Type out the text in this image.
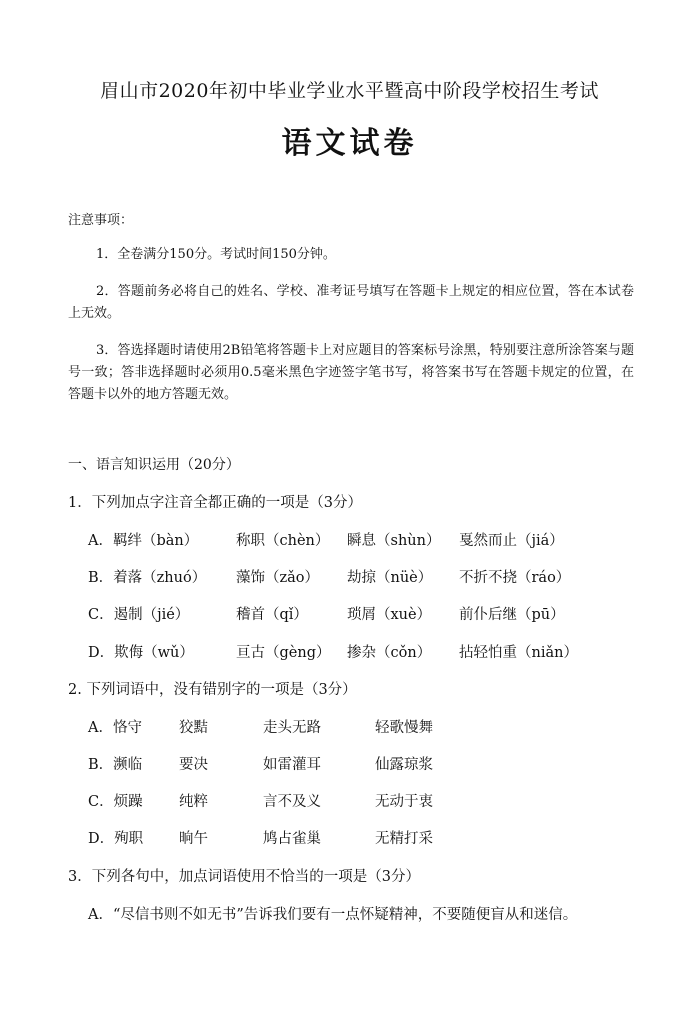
眉山市2020年初中毕业学业水平暨高中阶段学校招生考试
语文试卷
注意事项：
1．全卷满分150分。考试时间150分钟。
2．答题前务必将自己的姓名、学校、准考证号填写在答题卡上规定的相应位置，答在本试卷上无效。
3．答选择题时请使用2B铅笔将答题卡上对应题目的答案标号涂黑，特别要注意所涂答案与题号一致；答非选择题时必须用0.5毫米黑色字迹签字笔书写，将答案书写在答题卡规定的位置，在答题卡以外的地方答题无效。
一、语言知识运用（20分）
1．下列加点字注音全都正确的一项是（3分）
A．羁绊（bàn）	称职（chèn） 瞬息（shùn） 戛然而止（jiá）
B．着落（zhuó） 藻饰（zǎo） 劫掠（nüè） 不折不挠（ráo）
C．遏制（jié）	稽首（qǐ）	琐屑（xuè） 前仆后继（pū）
D．欺侮（wǔ）	亘古（gèng） 掺杂（cǒn） 拈轻怕重（niǎn）
2. 下列词语中，没有错别字的一项是（3分）
A．恪守	狡黠	走头无路	轻歌慢舞
B．濒临	要决	如雷灌耳	仙露琼浆
C．烦躁	纯粹	言不及义	无动于衷
D．殉职 晌午	鸠占雀巢	无精打采
3．下列各句中，加点词语使用不恰当的一项是（3分）
A．“尽信书则不如无书”告诉我们要有一点怀疑精神，不要随便盲从和迷信。
